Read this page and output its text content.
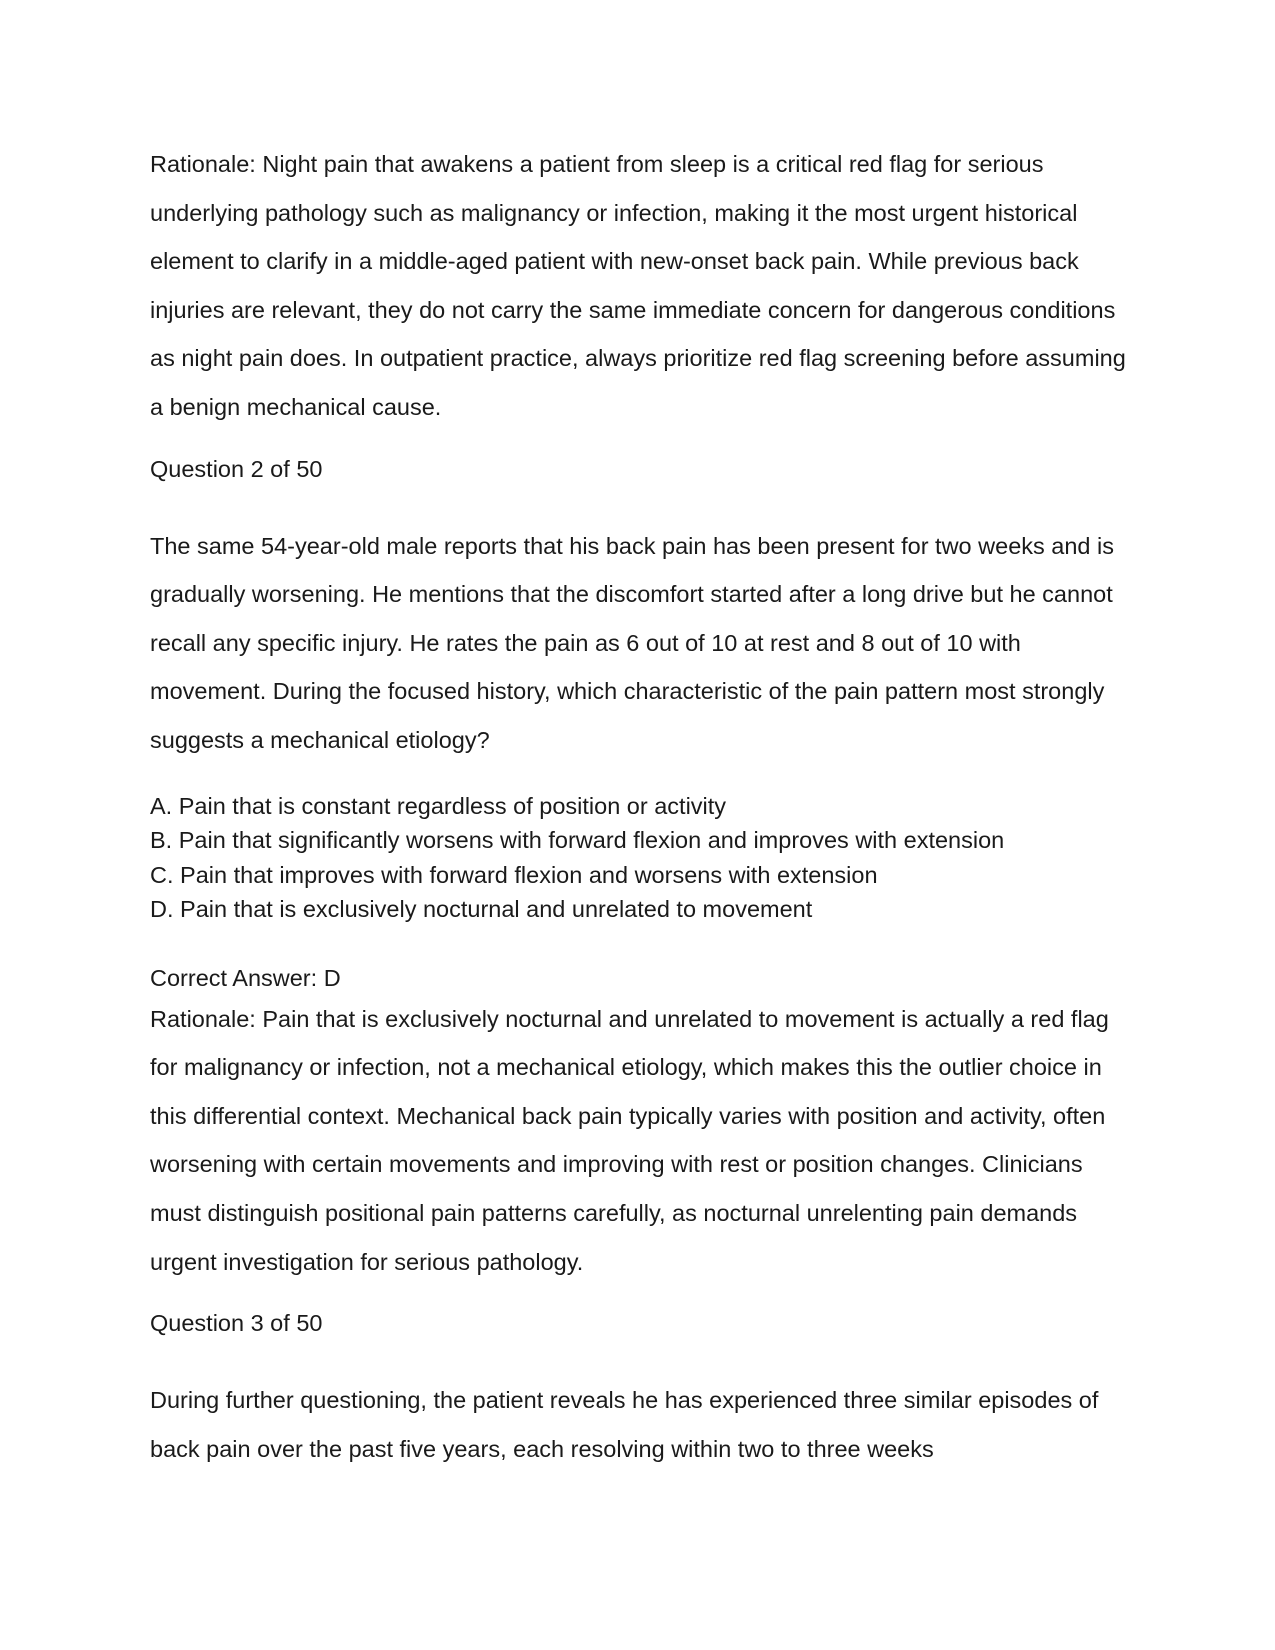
Rationale: Night pain that awakens a patient from sleep is a critical red flag for serious underlying pathology such as malignancy or infection, making it the most urgent historical element to clarify in a middle-aged patient with new-onset back pain. While previous back injuries are relevant, they do not carry the same immediate concern for dangerous conditions as night pain does. In outpatient practice, always prioritize red flag screening before assuming a benign mechanical cause.

Question 2 of 50

The same 54-year-old male reports that his back pain has been present for two weeks and is gradually worsening. He mentions that the discomfort started after a long drive but he cannot recall any specific injury. He rates the pain as 6 out of 10 at rest and 8 out of 10 with movement. During the focused history, which characteristic of the pain pattern most strongly suggests a mechanical etiology?

A. Pain that is constant regardless of position or activity
B. Pain that significantly worsens with forward flexion and improves with extension
C. Pain that improves with forward flexion and worsens with extension
D. Pain that is exclusively nocturnal and unrelated to movement

Correct Answer: D

Rationale: Pain that is exclusively nocturnal and unrelated to movement is actually a red flag for malignancy or infection, not a mechanical etiology, which makes this the outlier choice in this differential context. Mechanical back pain typically varies with position and activity, often worsening with certain movements and improving with rest or position changes. Clinicians must distinguish positional pain patterns carefully, as nocturnal unrelenting pain demands urgent investigation for serious pathology.

Question 3 of 50

During further questioning, the patient reveals he has experienced three similar episodes of back pain over the past five years, each resolving within two to three weeks
